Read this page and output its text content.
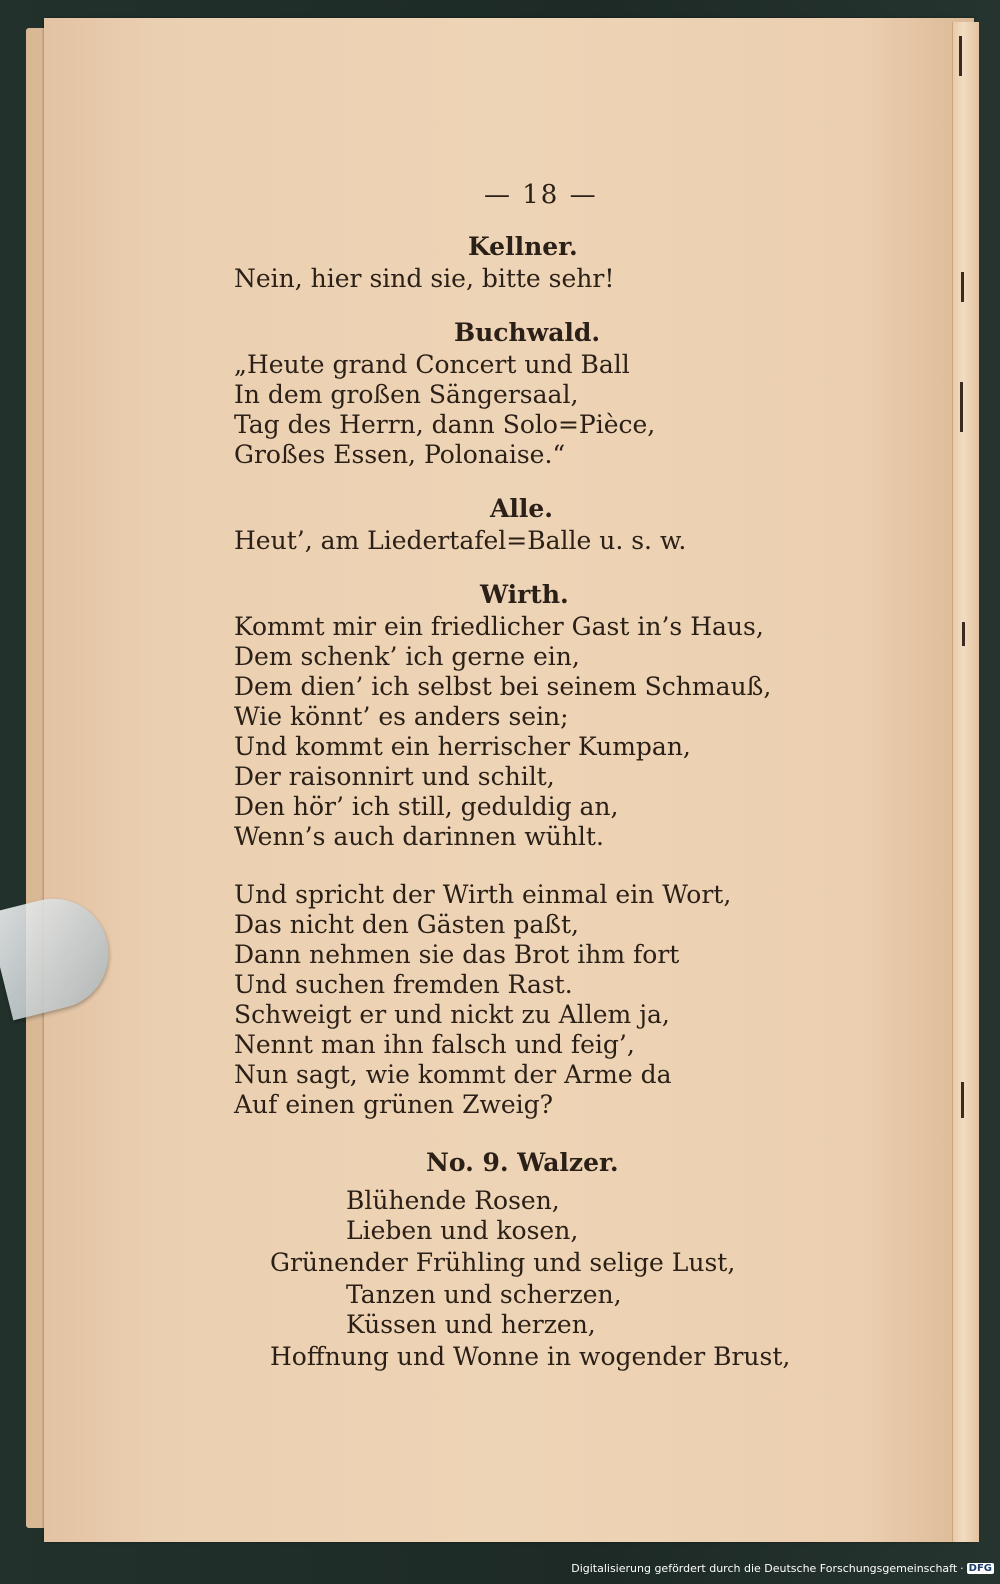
— 18 —
Kellner.
Nein, hier sind sie, bitte sehr!
Buchwald.
„Heute grand Concert und Ball
In dem großen Sängersaal,
Tag des Herrn, dann Solo=Pièce,
Großes Essen, Polonaise.“
Alle.
Heut’, am Liedertafel=Balle u. s. w.
Wirth.
Kommt mir ein friedlicher Gast in’s Haus,
Dem schenk’ ich gerne ein,
Dem dien’ ich selbst bei seinem Schmauß,
Wie könnt’ es anders sein;
Und kommt ein herrischer Kumpan,
Der raisonnirt und schilt,
Den hör’ ich still, geduldig an,
Wenn’s auch darinnen wühlt.
Und spricht der Wirth einmal ein Wort,
Das nicht den Gästen paßt,
Dann nehmen sie das Brot ihm fort
Und suchen fremden Rast.
Schweigt er und nickt zu Allem ja,
Nennt man ihn falsch und feig’,
Nun sagt, wie kommt der Arme da
Auf einen grünen Zweig?
No. 9. Walzer.
Blühende Rosen,
Lieben und kosen,
Grünender Frühling und selige Lust,
Tanzen und scherzen,
Küssen und herzen,
Hoffnung und Wonne in wogender Brust,
Digitalisierung gefördert durch die Deutsche Forschungsgemeinschaft · DFG
